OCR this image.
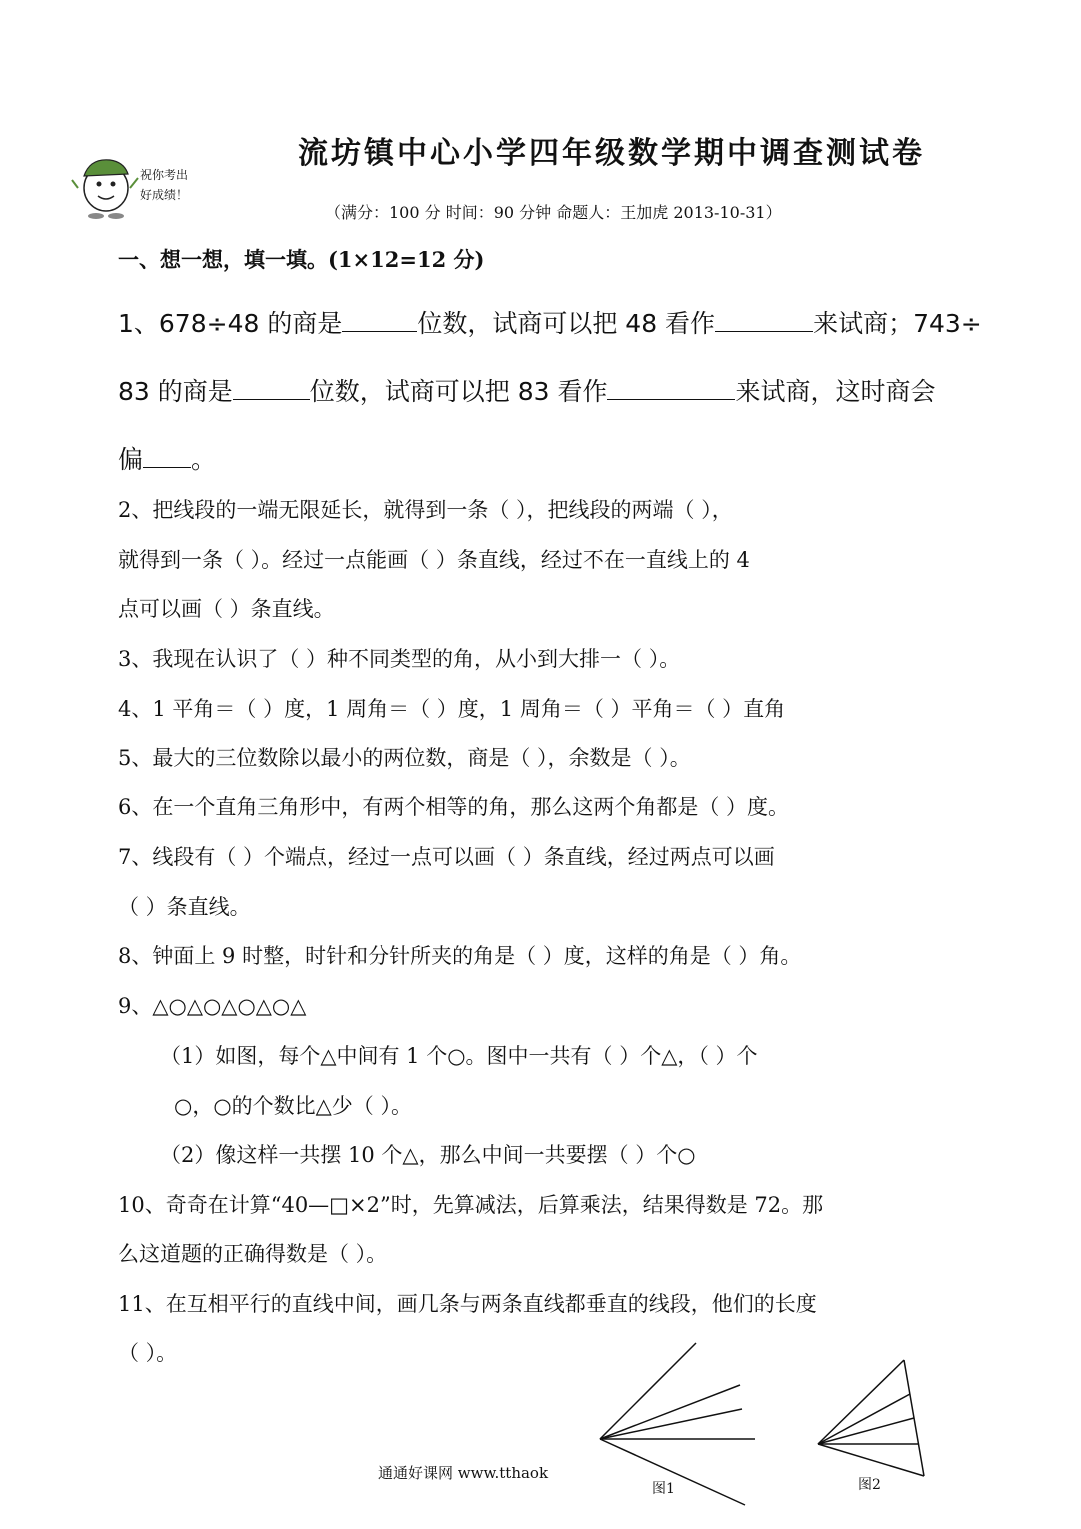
祝你考出
好成绩！
流坊镇中心小学四年级数学期中调查测试卷
（满分：100 分 时间：90 分钟 命题人：王加虎 2013-10-31）
一、想一想，填一填。(1×12=12 分)
1、678÷48 的商是	位数，试商可以把 48 看作	来试商；743÷
83 的商是	位数，试商可以把 83 看作	来试商，这时商会
偏 。
2、把线段的一端无限延长，就得到一条（ ），把线段的两端（ ），
就得到一条（ ）。经过一点能画（ ）条直线，经过不在一直线上的 4
点可以画（ ）条直线。
3、我现在认识了（ ）种不同类型的角，从小到大排一（ ）。
4、1 平角＝（ ）度，1 周角＝（ ）度，1 周角＝（ ）平角＝（ ）直角
5、最大的三位数除以最小的两位数，商是（ ），余数是（ ）。
6、在一个直角三角形中，有两个相等的角，那么这两个角都是（ ）度。
7、线段有（ ）个端点，经过一点可以画（ ）条直线，经过两点可以画
（ ）条直线。
8、钟面上 9 时整，时针和分针所夹的角是（ ）度，这样的角是（ ）角。
9、△○△○△○△○△
（1）如图，每个△中间有 1 个○。图中一共有（ ）个△，（ ）个
○，○的个数比△少（ ）。
（2）像这样一共摆 10 个△，那么中间一共要摆（ ）个○
10、奇奇在计算“40—□×2”时，先算减法，后算乘法，结果得数是 72。那
么这道题的正确得数是（ ）。
11、在互相平行的直线中间，画几条与两条直线都垂直的线段，他们的长度
（ ）。
图1	图2
通通好课网 www.tthaok
